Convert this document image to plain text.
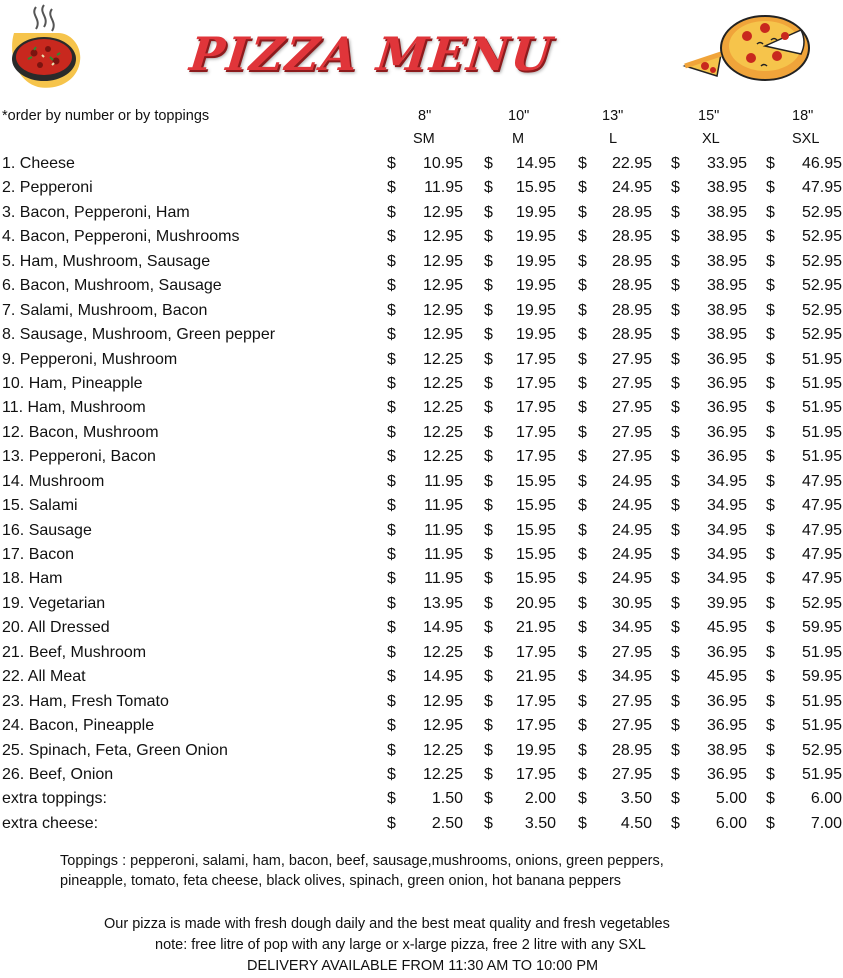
PIZZA MENU
*order by number or by toppings	8"	10"	13"	15"	18"
SM	M	L	XL	SXL
1. Cheese	$ 10.95 $ 14.95 $ 22.95 $ 33.95 $ 46.95
2. Pepperoni	$ 11.95 $ 15.95 $ 24.95 $ 38.95 $ 47.95
3. Bacon, Pepperoni, Ham	$ 12.95 $ 19.95 $ 28.95 $ 38.95 $ 52.95
4. Bacon, Pepperoni, Mushrooms	$ 12.95 $ 19.95 $ 28.95 $ 38.95 $ 52.95
5. Ham, Mushroom, Sausage	$ 12.95 $ 19.95 $ 28.95 $ 38.95 $ 52.95
6. Bacon, Mushroom, Sausage	$ 12.95 $ 19.95 $ 28.95 $ 38.95 $ 52.95
7. Salami, Mushroom, Bacon	$ 12.95 $ 19.95 $ 28.95 $ 38.95 $ 52.95
8. Sausage, Mushroom, Green pepper	$ 12.95 $ 19.95 $ 28.95 $ 38.95 $ 52.95
9. Pepperoni, Mushroom	$ 12.25 $ 17.95 $ 27.95 $ 36.95 $ 51.95
10. Ham, Pineapple	$ 12.25 $ 17.95 $ 27.95 $ 36.95 $ 51.95
11. Ham, Mushroom	$ 12.25 $ 17.95 $ 27.95 $ 36.95 $ 51.95
12. Bacon, Mushroom	$ 12.25 $ 17.95 $ 27.95 $ 36.95 $ 51.95
13. Pepperoni, Bacon	$ 12.25 $ 17.95 $ 27.95 $ 36.95 $ 51.95
14. Mushroom	$ 11.95 $ 15.95 $ 24.95 $ 34.95 $ 47.95
15. Salami	$ 11.95 $ 15.95 $ 24.95 $ 34.95 $ 47.95
16. Sausage	$ 11.95 $ 15.95 $ 24.95 $ 34.95 $ 47.95
17. Bacon	$ 11.95 $ 15.95 $ 24.95 $ 34.95 $ 47.95
18. Ham	$ 11.95 $ 15.95 $ 24.95 $ 34.95 $ 47.95
19. Vegetarian	$ 13.95 $ 20.95 $ 30.95 $ 39.95 $ 52.95
20. All Dressed	$ 14.95 $ 21.95 $ 34.95 $ 45.95 $ 59.95
21. Beef, Mushroom	$ 12.25 $ 17.95 $ 27.95 $ 36.95 $ 51.95
22. All Meat	$ 14.95 $ 21.95 $ 34.95 $ 45.95 $ 59.95
23. Ham, Fresh Tomato	$ 12.95 $ 17.95 $ 27.95 $ 36.95 $ 51.95
24. Bacon, Pineapple	$ 12.95 $ 17.95 $ 27.95 $ 36.95 $ 51.95
25. Spinach, Feta, Green Onion	$ 12.25 $ 19.95 $ 28.95 $ 38.95 $ 52.95
26. Beef, Onion	$ 12.25 $ 17.95 $ 27.95 $ 36.95 $ 51.95
extra toppings:	$ 1.50 $ 2.00 $ 3.50 $ 5.00 $ 6.00
extra cheese:	$ 2.50 $ 3.50 $ 4.50 $ 6.00 $ 7.00
Toppings : pepperoni, salami, ham, bacon, beef, sausage,mushrooms, onions, green peppers,
pineapple, tomato, feta cheese, black olives, spinach, green onion, hot banana peppers
Our pizza is made with fresh dough daily and the best meat quality and fresh vegetables
note: free litre of pop with any large or x-large pizza, free 2 litre with any SXL
DELIVERY AVAILABLE FROM 11:30 AM TO 10:00 PM
